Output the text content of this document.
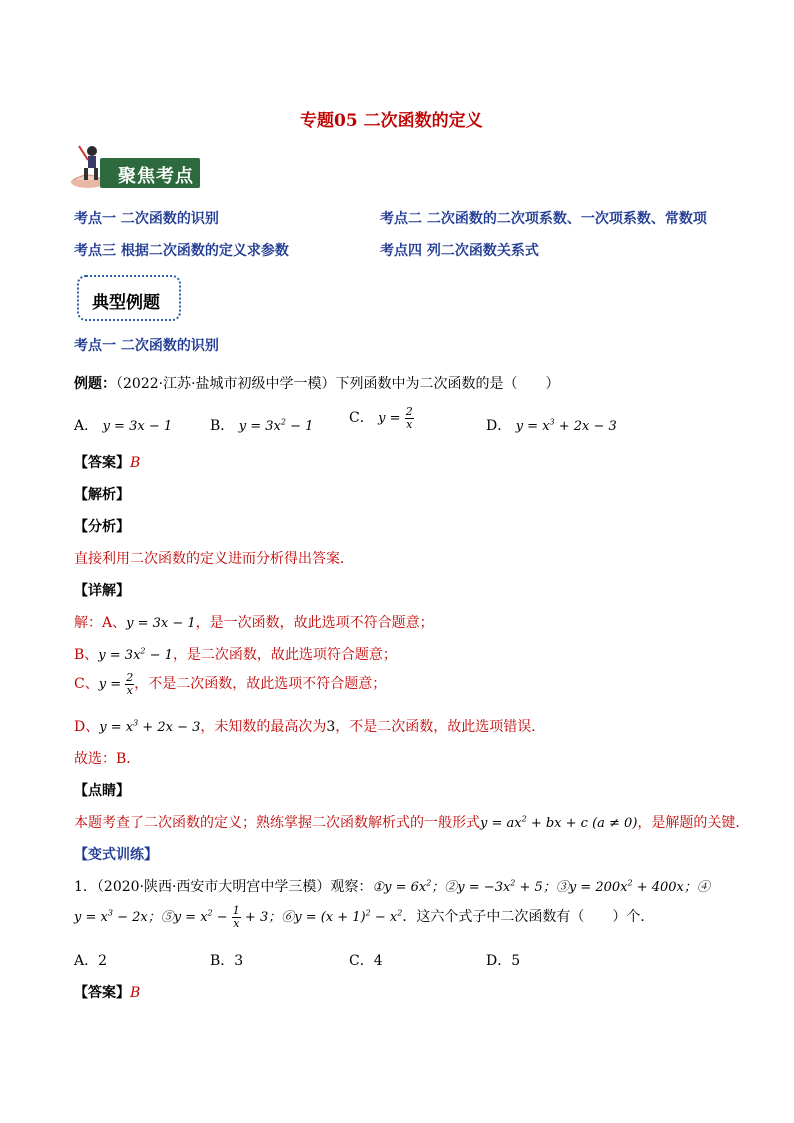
专题05 二次函数的定义
聚焦考点
考点一 二次函数的识别	考点二 二次函数的二次项系数、一次项系数、常数项
考点三 根据二次函数的定义求参数	考点四 列二次函数关系式
典型例题
考点一 二次函数的识别
例题：（2022·江苏·盐城市初级中学一模）下列函数中为二次函数的是（　　）
A． y = 3x − 1	B． $y = 3x^2 - 1$
C． $y = \frac{2}{x}$	D． $y = x^3 + 2x - 3$
【答案】B
【解析】
【分析】
直接利用二次函数的定义进而分析得出答案．
【详解】
解：A、y = 3x − 1，是一次函数，故此选项不符合题意；
B、$y = 3x^2 - 1$，是二次函数，故此选项符合题意；
C、$y = \frac{2}{x}$ ，不是二次函数，故此选项不符合题意；
D、$y = x^3 + 2x - 3$，未知数的最高次为3，不是二次函数，故此选项错误．
故选：B．
【点睛】
本题考查了二次函数的定义；熟练掌握二次函数解析式的一般形式$y = ax^2$ + bx + c (a ≠ 0)，是解题的关键．
【变式训练】
1．（2020·陕西·西安市大明宫中学三模）观察：①y = $6x^2$；②y = $-3x^2 + 5$；③y = $200x^2 + 400x$；④
$y = x^3 - 2x$；⑤y = $x^2 - \frac{1}{x} + 3$；⑥y = $(x + 1)^2 - x^2$．这六个式子中二次函数有（　　）个．
A．2	B．3	C．4	D．5
【答案】B
